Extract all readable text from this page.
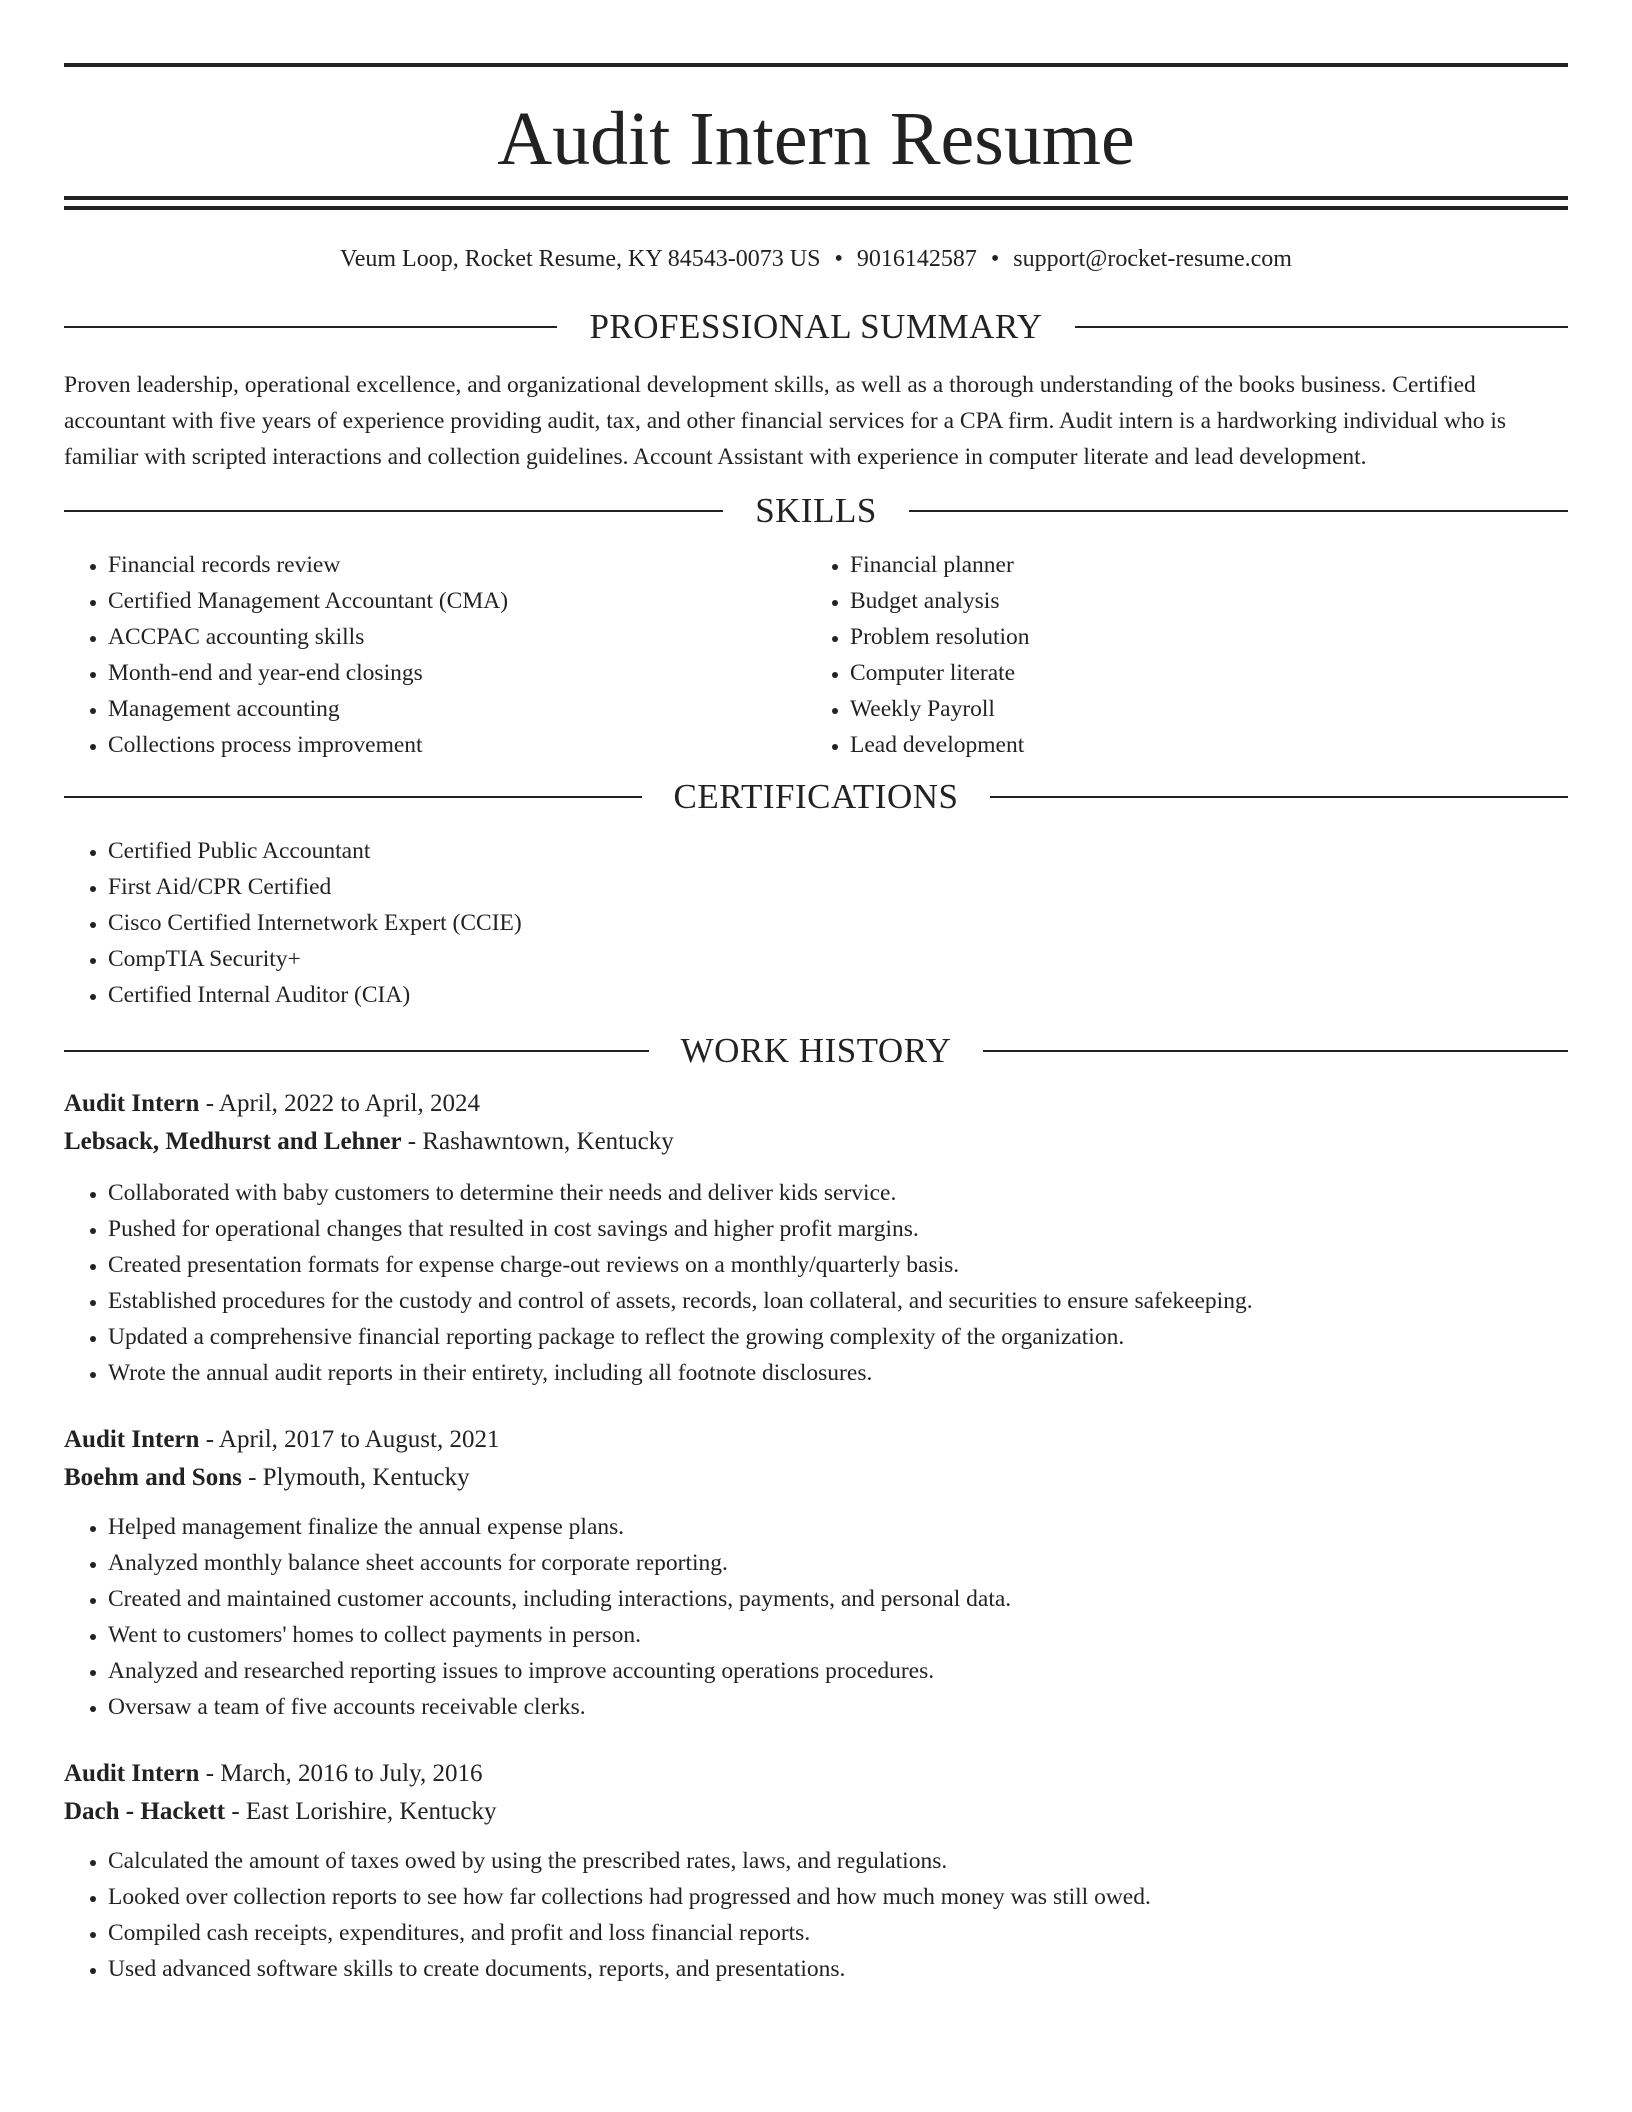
Audit Intern Resume
Veum Loop, Rocket Resume, KY 84543-0073 US • 9016142587 • support@rocket-resume.com
PROFESSIONAL SUMMARY

Proven leadership, operational excellence, and organizational development skills, as well as a thorough understanding of the books business. Certified accountant with five years of experience providing audit, tax, and other financial services for a CPA firm. Audit intern is a hardworking individual who is familiar with scripted interactions and collection guidelines. Account Assistant with experience in computer literate and lead development.

SKILLS
• Financial records review
• Certified Management Accountant (CMA)
• ACCPAC accounting skills
• Month-end and year-end closings
• Management accounting
• Collections process improvement
• Financial planner
• Budget analysis
• Problem resolution
• Computer literate
• Weekly Payroll
• Lead development
CERTIFICATIONS
• Certified Public Accountant
• First Aid/CPR Certified
• Cisco Certified Internetwork Expert (CCIE)
• CompTIA Security+
• Certified Internal Auditor (CIA)
WORK HISTORY
Audit Intern - April, 2022 to April, 2024
Lebsack, Medhurst and Lehner - Rashawntown, Kentucky
• Collaborated with baby customers to determine their needs and deliver kids service.
• Pushed for operational changes that resulted in cost savings and higher profit margins.
• Created presentation formats for expense charge-out reviews on a monthly/quarterly basis.
• Established procedures for the custody and control of assets, records, loan collateral, and securities to ensure safekeeping.
• Updated a comprehensive financial reporting package to reflect the growing complexity of the organization.
• Wrote the annual audit reports in their entirety, including all footnote disclosures.
Audit Intern - April, 2017 to August, 2021
Boehm and Sons - Plymouth, Kentucky
• Helped management finalize the annual expense plans.
• Analyzed monthly balance sheet accounts for corporate reporting.
• Created and maintained customer accounts, including interactions, payments, and personal data.
• Went to customers' homes to collect payments in person.
• Analyzed and researched reporting issues to improve accounting operations procedures.
• Oversaw a team of five accounts receivable clerks.
Audit Intern - March, 2016 to July, 2016
Dach - Hackett - East Lorishire, Kentucky
• Calculated the amount of taxes owed by using the prescribed rates, laws, and regulations.
• Looked over collection reports to see how far collections had progressed and how much money was still owed.
• Compiled cash receipts, expenditures, and profit and loss financial reports.
• Used advanced software skills to create documents, reports, and presentations.
